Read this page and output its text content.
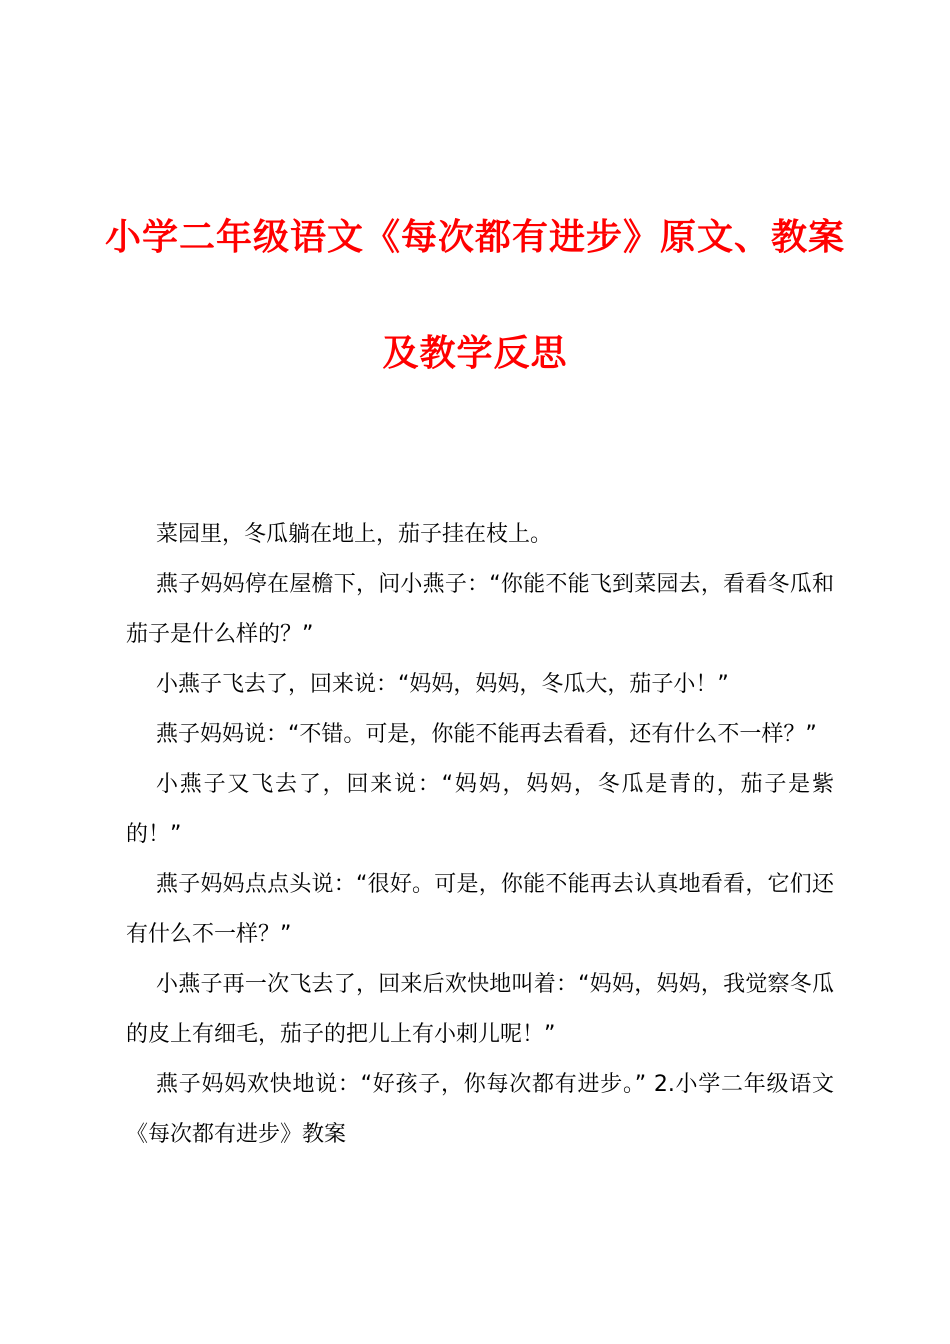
小学二年级语文《每次都有进步》原文、教案
及教学反思

菜园里，冬瓜躺在地上，茄子挂在枝上。

燕子妈妈停在屋檐下，问小燕子：“你能不能飞到菜园去，看看冬瓜和茄子是什么样的？”

小燕子飞去了，回来说：“妈妈，妈妈，冬瓜大，茄子小！”

燕子妈妈说：“不错。可是，你能不能再去看看，还有什么不一样？”

小燕子又飞去了，回来说：“妈妈，妈妈，冬瓜是青的，茄子是紫的！”

燕子妈妈点点头说：“很好。可是，你能不能再去认真地看看，它们还有什么不一样？”

小燕子再一次飞去了，回来后欢快地叫着：“妈妈，妈妈，我觉察冬瓜的皮上有细毛，茄子的把儿上有小刺儿呢！”

燕子妈妈欢快地说：“好孩子，你每次都有进步。” 2.小学二年级语文《每次都有进步》教案
